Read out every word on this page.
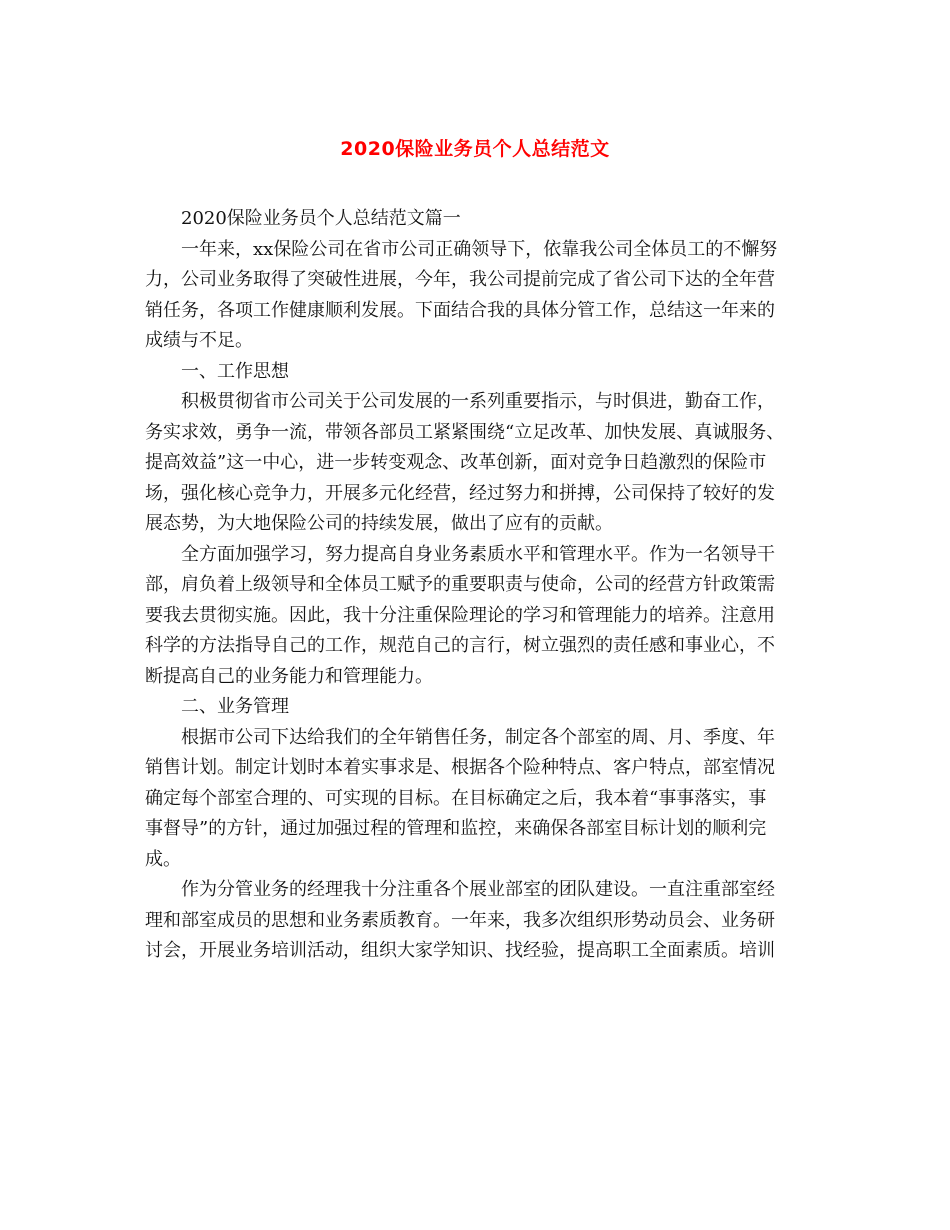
2020保险业务员个人总结范文
2020保险业务员个人总结范文篇一
一年来，xx保险公司在省市公司正确领导下，依靠我公司全体员工的不懈努
力，公司业务取得了突破性进展，今年，我公司提前完成了省公司下达的全年营
销任务，各项工作健康顺利发展。下面结合我的具体分管工作，总结这一年来的
成绩与不足。
一、工作思想
积极贯彻省市公司关于公司发展的一系列重要指示，与时俱进，勤奋工作，
务实求效，勇争一流，带领各部员工紧紧围绕“立足改革、加快发展、真诚服务、
提高效益”这一中心，进一步转变观念、改革创新，面对竞争日趋激烈的保险市
场，强化核心竞争力，开展多元化经营，经过努力和拼搏，公司保持了较好的发
展态势，为大地保险公司的持续发展，做出了应有的贡献。
全方面加强学习，努力提高自身业务素质水平和管理水平。作为一名领导干
部，肩负着上级领导和全体员工赋予的重要职责与使命，公司的经营方针政策需
要我去贯彻实施。因此，我十分注重保险理论的学习和管理能力的培养。注意用
科学的方法指导自己的工作，规范自己的言行，树立强烈的责任感和事业心，不
断提高自己的业务能力和管理能力。
二、业务管理
根据市公司下达给我们的全年销售任务，制定各个部室的周、月、季度、年
销售计划。制定计划时本着实事求是、根据各个险种特点、客户特点，部室情况
确定每个部室合理的、可实现的目标。在目标确定之后，我本着“事事落实，事
事督导”的方针，通过加强过程的管理和监控，来确保各部室目标计划的顺利完
成。
作为分管业务的经理我十分注重各个展业部室的团队建设。一直注重部室经
理和部室成员的思想和业务素质教育。一年来，我多次组织形势动员会、业务研
讨会，开展业务培训活动，组织大家学知识、找经验，提高职工全面素质。培训
